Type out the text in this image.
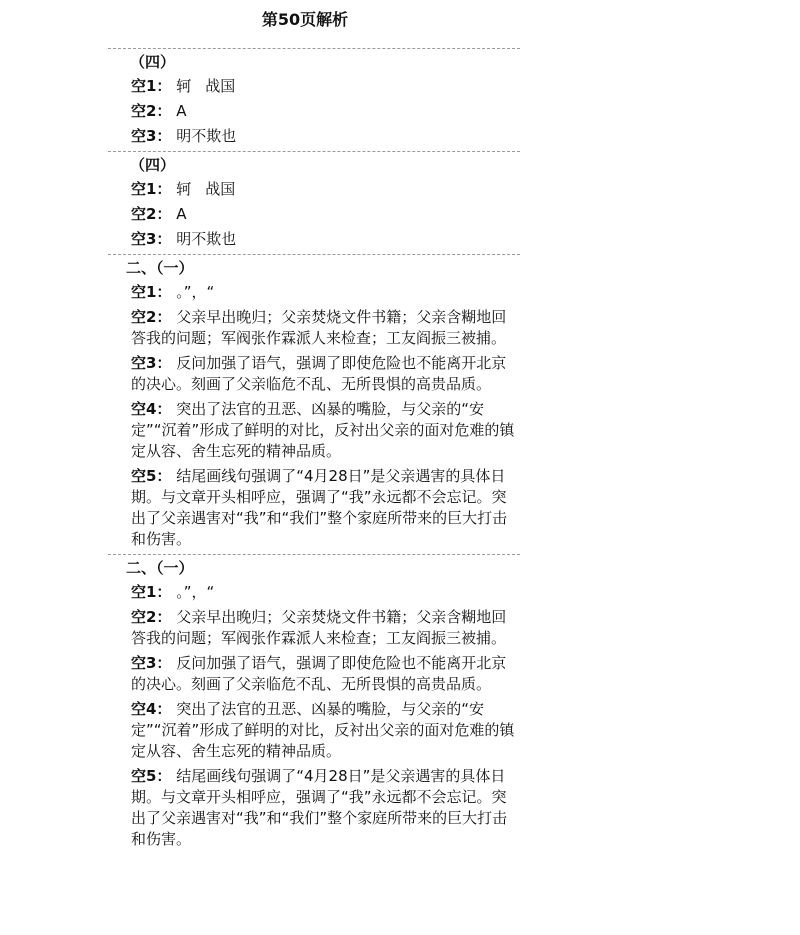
第50页解析
（四）
空1： 轲 战国
空2： A
空3： 明不欺也
（四）
空1： 轲 战国
空2： A
空3： 明不欺也
二、（一）
空1： 。”，“
空2： 父亲早出晚归；父亲焚烧文件书籍；父亲含糊地回答我的问题；军阀张作霖派人来检查；工友阎振三被捕。
空3： 反问加强了语气，强调了即使危险也不能离开北京的决心。刻画了父亲临危不乱、无所畏惧的高贵品质。
空4： 突出了法官的丑恶、凶暴的嘴脸，与父亲的“安定”“沉着”形成了鲜明的对比，反衬出父亲的面对危难的镇定从容、舍生忘死的精神品质。
空5： 结尾画线句强调了“4月28日”是父亲遇害的具体日期。与文章开头相呼应，强调了“我”永远都不会忘记。突出了父亲遇害对“我”和“我们”整个家庭所带来的巨大打击和伤害。
二、（一）
空1： 。”，“
空2： 父亲早出晚归；父亲焚烧文件书籍；父亲含糊地回答我的问题；军阀张作霖派人来检查；工友阎振三被捕。
空3： 反问加强了语气，强调了即使危险也不能离开北京的决心。刻画了父亲临危不乱、无所畏惧的高贵品质。
空4： 突出了法官的丑恶、凶暴的嘴脸，与父亲的“安定”“沉着”形成了鲜明的对比，反衬出父亲的面对危难的镇定从容、舍生忘死的精神品质。
空5： 结尾画线句强调了“4月28日”是父亲遇害的具体日期。与文章开头相呼应，强调了“我”永远都不会忘记。突出了父亲遇害对“我”和“我们”整个家庭所带来的巨大打击和伤害。
